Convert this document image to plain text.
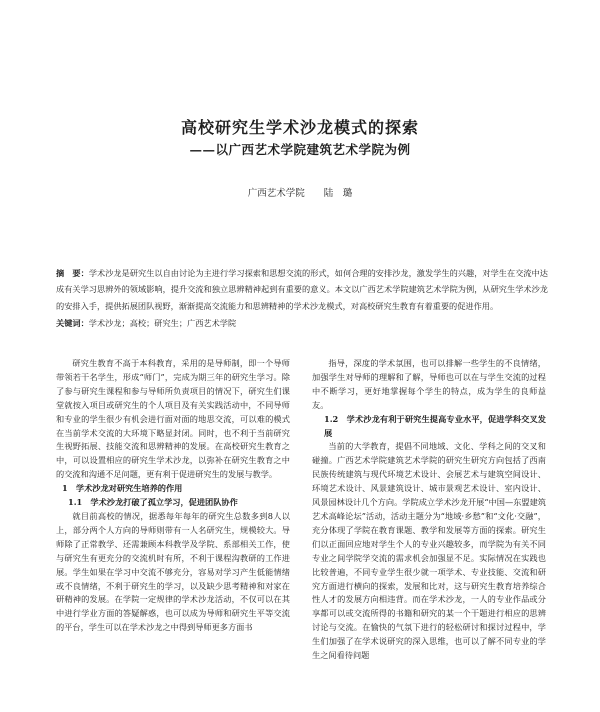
高校研究生学术沙龙模式的探索
——以广西艺术学院建筑艺术学院为例
广西艺术学院　　陆　璐
摘　要：学术沙龙是研究生以自由讨论为主进行学习探索和思想交流的形式，如何合理的安排沙龙，激发学生的兴趣，对学生在交流中达成有关学习思辨外的领域影响，提升交流和独立思辨精神起到有重要的意义。本文以广西艺术学院建筑艺术学院为例，从研究生学术沙龙的安排入手，提供拓展团队视野，渐渐提高交流能力和思辨精神的学术沙龙模式，对高校研究生教育有着重要的促进作用。
关键词：学术沙龙；高校；研究生；广西艺术学院

研究生教育不高于本科教育，采用的是导师制，即一个导师带领若干名学生，形成“师门”，完成为期三年的研究生学习。除了参与研究生课程和参与导师所负责项目的情况下，研究生们课堂就按入项目或研究生的个人项目及有关实践活动中，不同导师和专业的学生很少有机会进行面对面的地思交流，可以难的模式在当前学术交流的大环境下略显封闭。同时，也不利于当前研究生视野拓展、技能交流和思辨精神的发展。在高校研究生教育之中，可以设置相应的研究生学术沙龙，以弥补在研究生教育之中的交流和沟通不足问题，更有利于促进研究生的发展与教学。

1　学术沙龙对研究生培养的作用

1.1　学术沙龙打破了孤立学习，促进团队协作

就目前高校的情况，据悉每年每年的研究生总数多到8人以上，部分两个人方向的导师则带有一人名研究生，规模较大。导师除了正常教学、还需兼顾本科教学及学院、系部相关工作，使与研究生有更充分的交流机时有所，不利于课程沟教研的工作进展。学生如果在学习中交流不够充分，容易对学习产生低能情绪或不良情绪，不利于研究生的学习，以及缺少思考精神和对家在研精神的发展。在学院一定规律的学术沙龙活动，不仅可以在其中进行学业方面的答疑解惑，也可以成为导师和研究生平等交流的平台，学生可以在学术沙龙之中得到导师更多方面书

指导，深度的学术氛围，也可以排解一些学生的不良情绪，加强学生对导师的理解和了解，导师也可以在与学生交流的过程中不断学习，更好地掌握每个学生的特点，成为学生的良师益友。

1.2　学术沙龙有利于研究生提高专业水平，促进学科交叉发展

当前的大学教育，提倡不同地域、文化、学科之间的交叉和碰撞。广西艺术学院建筑艺术学院的研究生研究方向包括了西南民族传统建筑与现代环境艺术设计、会展艺术与建筑空间设计、环境艺术设计、风景建筑设计、城市景观艺术设计、室内设计、风景园林设计几个方向。学院成立学术沙龙开展“中国—东盟建筑艺术高峰论坛”活动，活动主题分为“地域·乡愁”和“文化·交融”，充分体现了学院在教育课题、教学和发展等方面的探索。研究生们以正面回应地对学生个人的专业兴趣较多，而学院为有关不同专业之间学院学交流的需求机会加强显不足。实际情况在实践也比较普遍，不同专业学生很少就一项学术、专业技能、交流和研究方面进行横向的探索，发展和比对，这与研究生教育培养综合性人才的发展方向相违背。而在学术沙龙，一人的专业作品或分享都可以或交流所得的书籍和研究的某一个干题进行相应的思辨讨论与交流。在愉快的气氛下进行的轻松研讨和探讨过程中，学生们加强了在学术说研究的深入思维，也可以了解不同专业的学生之间看待问题
